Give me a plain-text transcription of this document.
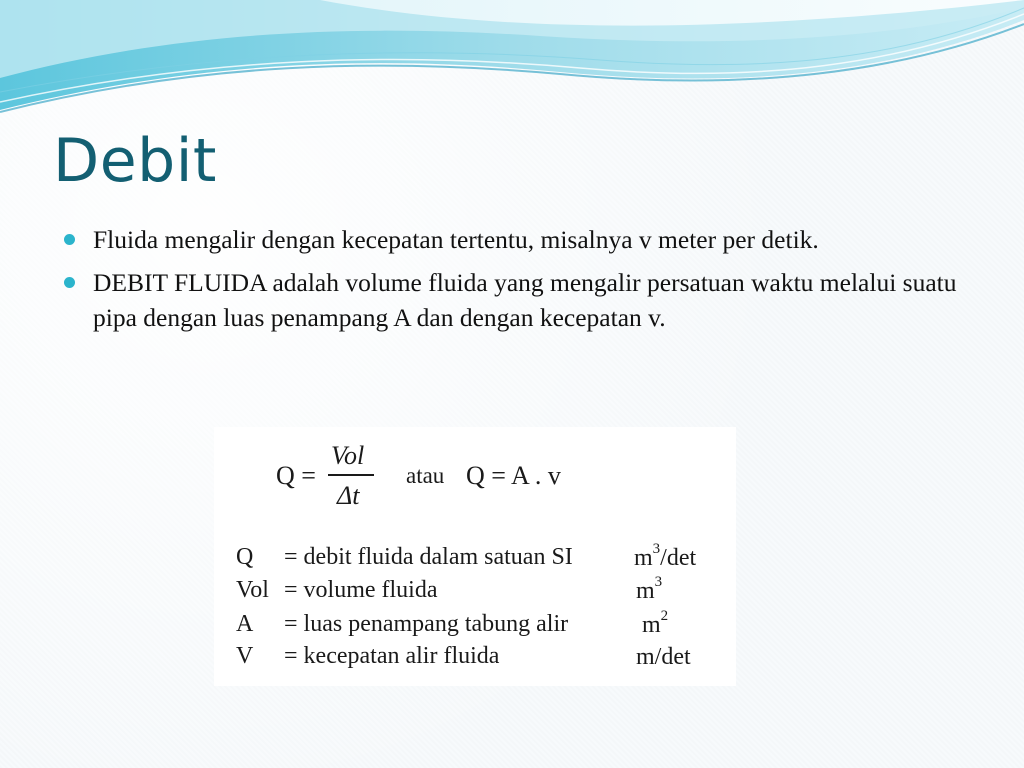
Debit
Fluida mengalir dengan kecepatan tertentu, misalnya v meter per detik.
DEBIT FLUIDA adalah volume fluida yang mengalir persatuan waktu melalui suatu pipa dengan luas penampang A dan dengan kecepatan v.
Q =
Vol
Δt
atau Q = A . v
Q = debit fluida dalam satuan SI	$m^3/\det$
Vol = volume fluida	$m^3$
A = luas penampang tabung alir	$m^2$
V = kecepatan alir fluida	m/det
